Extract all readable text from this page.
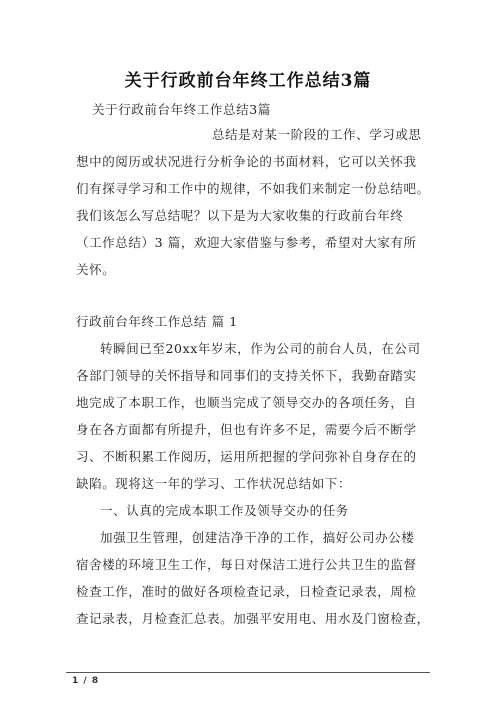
关于行政前台年终工作总结3篇
关于行政前台年终工作总结3篇
总结是对某一阶段的工作、学习或思
想中的阅历或状况进行分析争论的书面材料，它可以关怀我
们有探寻学习和工作中的规律，不如我们来制定一份总结吧。
我们该怎么写总结呢？以下是为大家收集的行政前台年终
（工作总结）3 篇，欢迎大家借鉴与参考，希望对大家有所
关怀。
行政前台年终工作总结 篇 1
转瞬间已至20xx年岁末，作为公司的前台人员，在公司
各部门领导的关怀指导和同事们的支持关怀下，我勤奋踏实
地完成了本职工作，也顺当完成了领导交办的各项任务，自
身在各方面都有所提升，但也有许多不足，需要今后不断学
习、不断积累工作阅历，运用所把握的学问弥补自身存在的
缺陷。现将这一年的学习、工作状况总结如下：
一、认真的完成本职工作及领导交办的任务
加强卫生管理，创建洁净干净的工作，搞好公司办公楼
宿舍楼的环境卫生工作，每日对保洁工进行公共卫生的监督
检查工作，准时的做好各项检查记录，日检查记录表，周检
查记录表，月检查汇总表。加强平安用电、用水及门窗检查，
1 / 8
